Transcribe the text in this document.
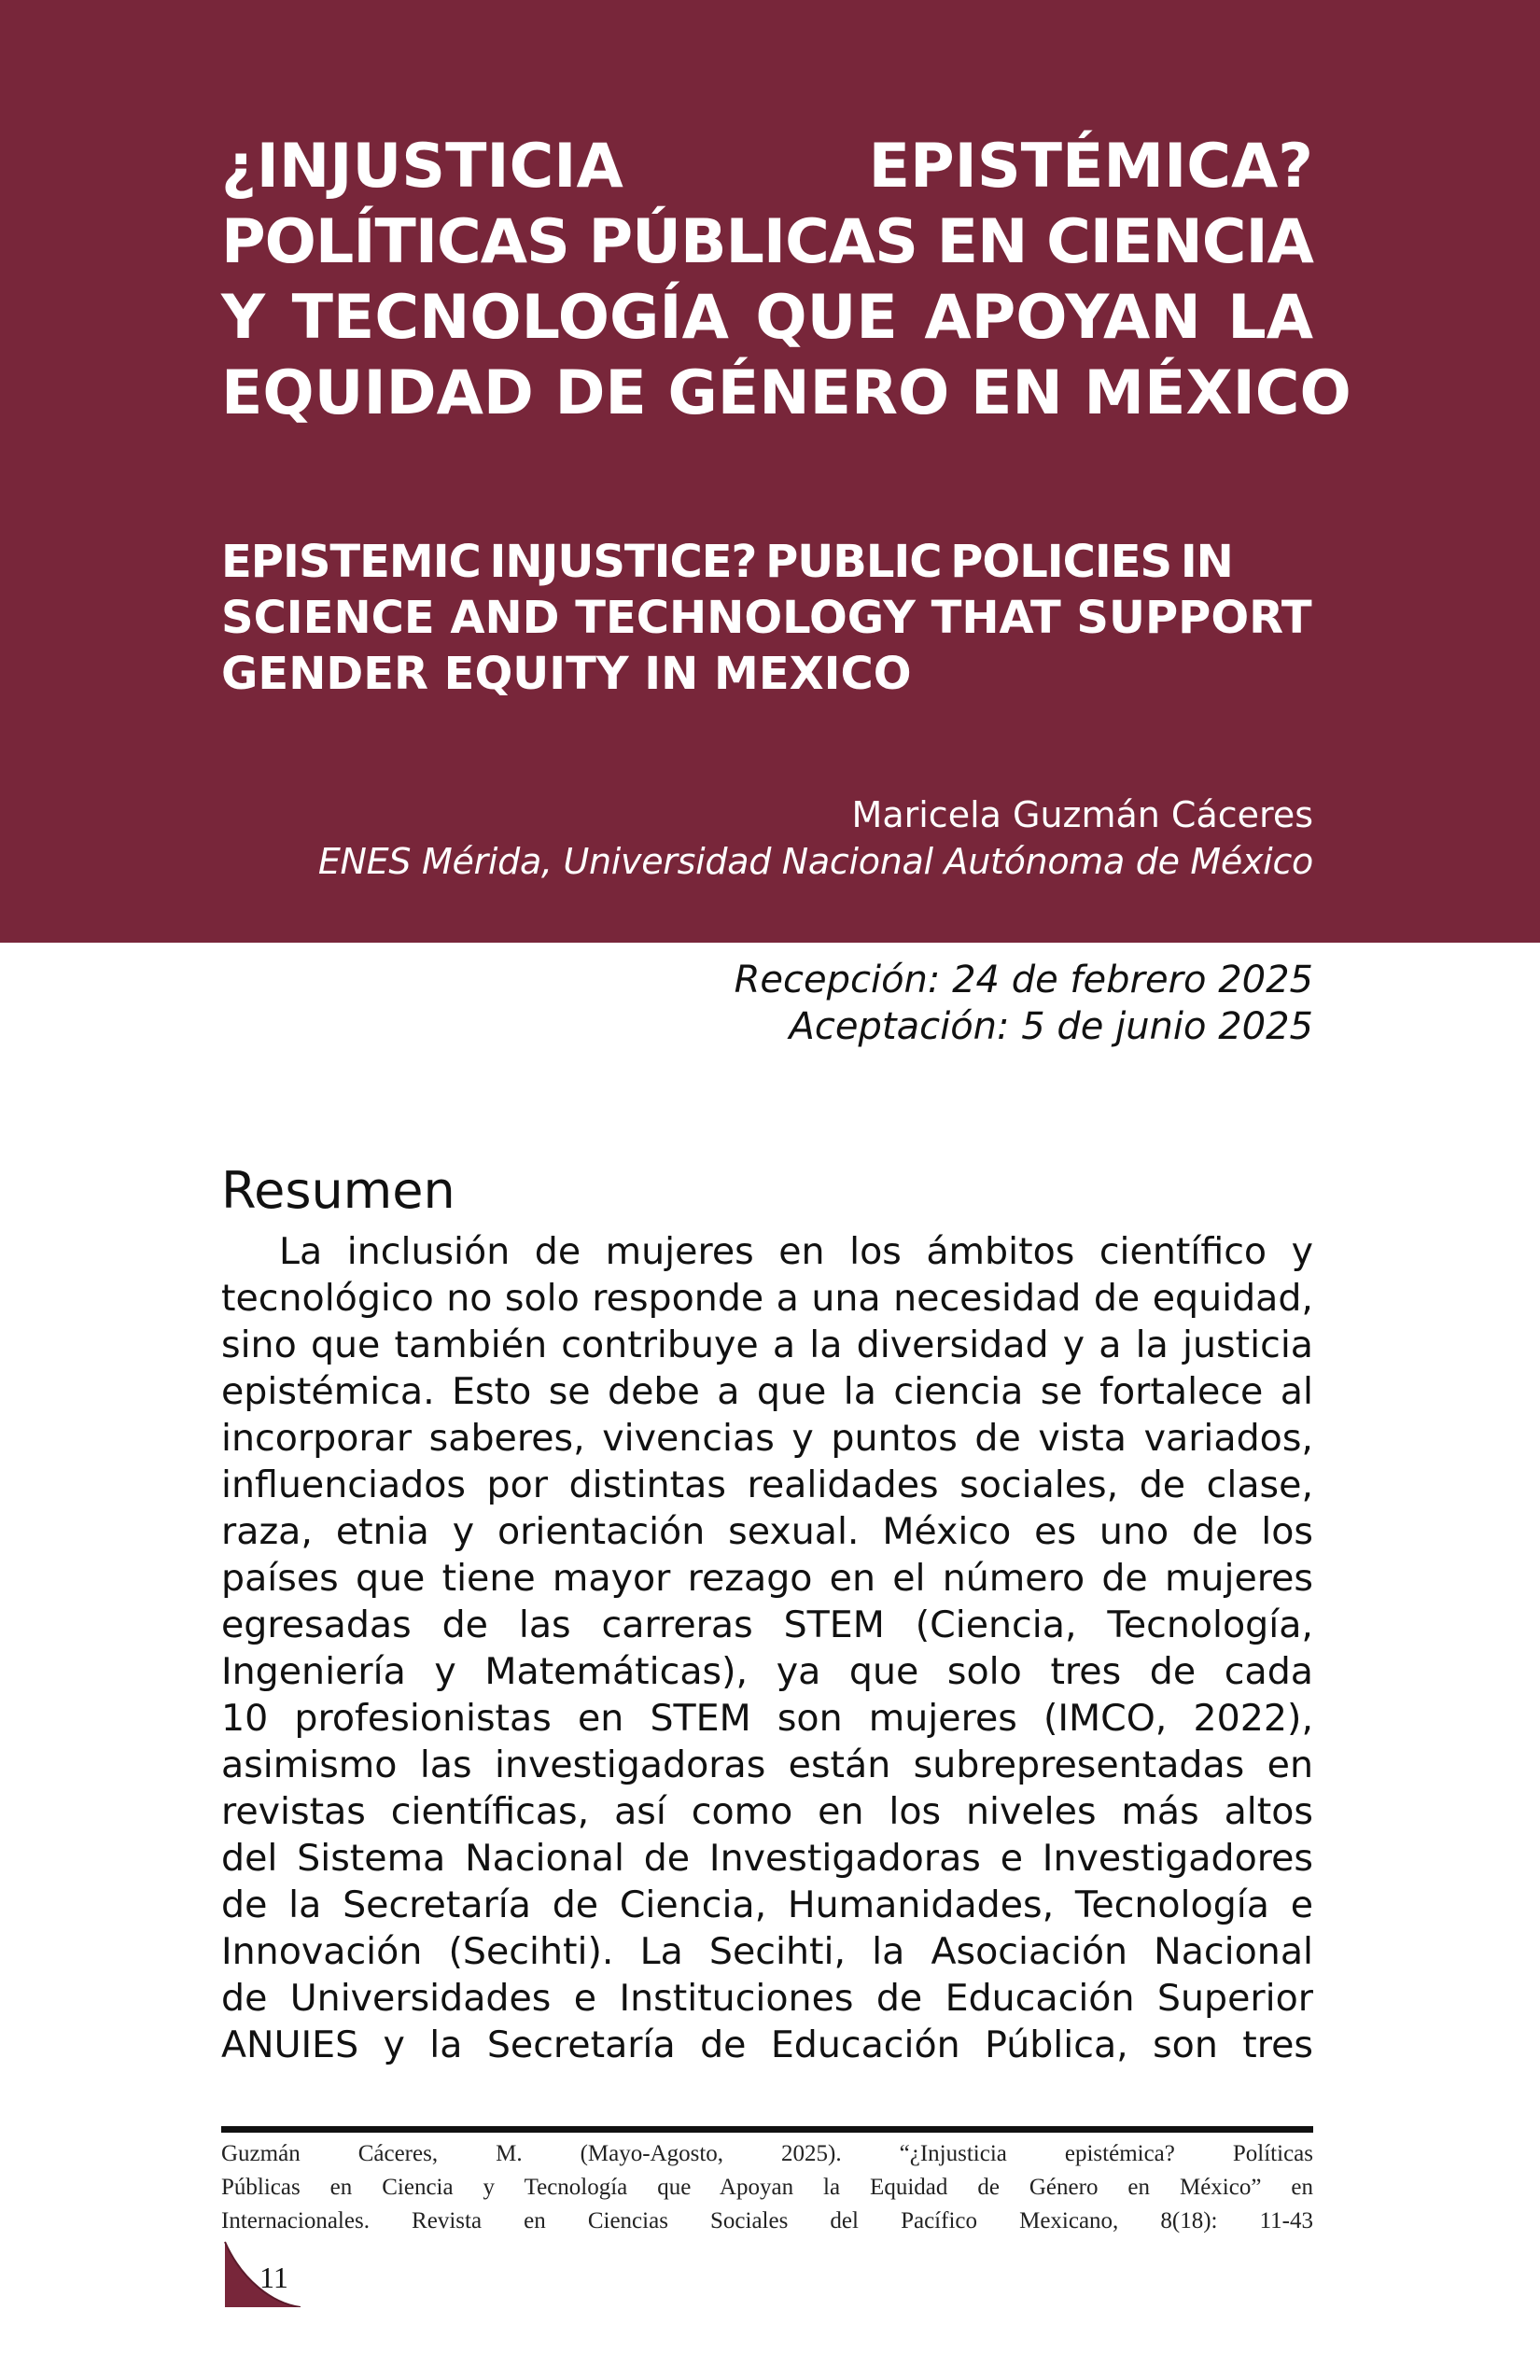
¿INJUSTICIA EPISTÉMICA?
POLÍTICAS PÚBLICAS EN CIENCIA
Y TECNOLOGÍA QUE APOYAN LA
EQUIDAD DE GÉNERO EN MÉXICO
EPISTEMIC INJUSTICE? PUBLIC POLICIES IN
SCIENCE AND TECHNOLOGY THAT SUPPORT
GENDER EQUITY IN MEXICO
Maricela Guzmán Cáceres
ENES Mérida, Universidad Nacional Autónoma de México
Recepción: 24 de febrero 2025
Aceptación: 5 de junio 2025
Resumen
La inclusión de mujeres en los ámbitos científico y
tecnológico no solo responde a una necesidad de equidad,
sino que también contribuye a la diversidad y a la justicia
epistémica. Esto se debe a que la ciencia se fortalece al
incorporar saberes, vivencias y puntos de vista variados,
influenciados por distintas realidades sociales, de clase,
raza, etnia y orientación sexual. México es uno de los
países que tiene mayor rezago en el número de mujeres
egresadas de las carreras STEM (Ciencia, Tecnología,
Ingeniería y Matemáticas), ya que solo tres de cada
10 profesionistas en STEM son mujeres (IMCO, 2022),
asimismo las investigadoras están subrepresentadas en
revistas científicas, así como en los niveles más altos
del Sistema Nacional de Investigadoras e Investigadores
de la Secretaría de Ciencia, Humanidades, Tecnología e
Innovación (Secihti). La Secihti, la Asociación Nacional
de Universidades e Instituciones de Educación Superior
ANUIES y la Secretaría de Educación Pública, son tres
Guzmán Cáceres, M. (Mayo-Agosto, 2025). “¿Injusticia epistémica? Políticas
Públicas en Ciencia y Tecnología que Apoyan la Equidad de Género en México” en
Internacionales. Revista en Ciencias Sociales del Pacífico Mexicano, 8(18): 11-43
11
